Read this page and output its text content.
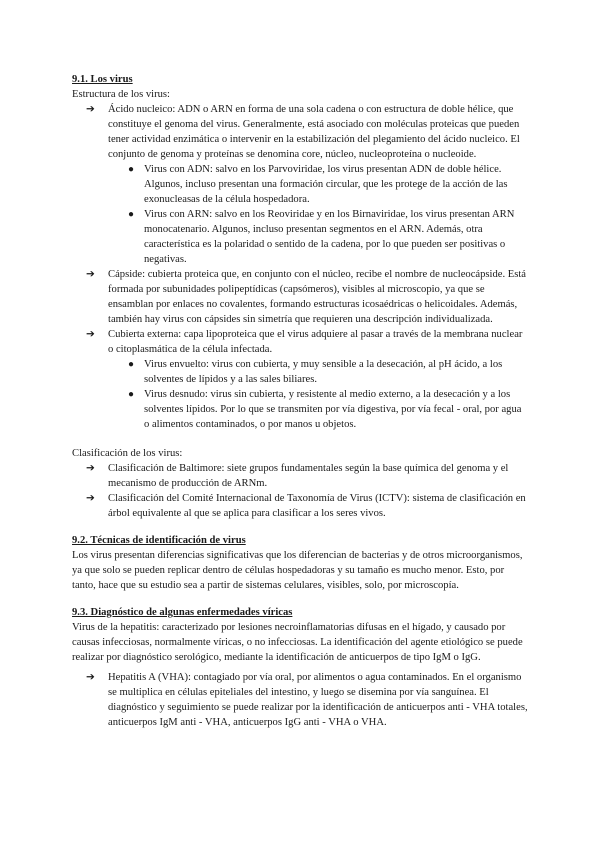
9.1. Los virus

Estructura de los virus:

➔ Ácido nucleico: ADN o ARN en forma de una sola cadena o con estructura de doble hélice, que constituye el genoma del virus. Generalmente, está asociado con moléculas proteicas que pueden tener actividad enzimática o intervenir en la estabilización del plegamiento del ácido nucleico. El conjunto de genoma y proteínas se denomina core, núcleo, nucleoproteína o nucleoide.

● Virus con ADN: salvo en los Parvoviridae, los virus presentan ADN de doble hélice. Algunos, incluso presentan una formación circular, que les protege de la acción de las exonucleasas de la célula hospedadora.

● Virus con ARN: salvo en los Reoviridae y en los Birnaviridae, los virus presentan ARN monocatenario. Algunos, incluso presentan segmentos en el ARN. Además, otra característica es la polaridad o sentido de la cadena, por lo que pueden ser positivas o negativas.

➔ Cápside: cubierta proteica que, en conjunto con el núcleo, recibe el nombre de nucleocápside. Está formada por subunidades polipeptídicas (capsómeros), visibles al microscopio, ya que se ensamblan por enlaces no covalentes, formando estructuras icosaédricas o helicoidales. Además, también hay virus con cápsides sin simetría que requieren una descripción individualizada.

➔ Cubierta externa: capa lipoproteica que el virus adquiere al pasar a través de la membrana nuclear o citoplasmática de la célula infectada.

● Virus envuelto: virus con cubierta, y muy sensible a la desecación, al pH ácido, a los solventes de lípidos y a las sales biliares.

● Virus desnudo: virus sin cubierta, y resistente al medio externo, a la desecación y a los solventes lípidos. Por lo que se transmiten por vía digestiva, por vía fecal - oral, por agua o alimentos contaminados, o por manos u objetos.

Clasificación de los virus:

➔ Clasificación de Baltimore: siete grupos fundamentales según la base química del genoma y el mecanismo de producción de ARNm.

➔ Clasificación del Comité Internacional de Taxonomía de Virus (ICTV): sistema de clasificación en árbol equivalente al que se aplica para clasificar a los seres vivos.

9.2. Técnicas de identificación de virus

Los virus presentan diferencias significativas que los diferencian de bacterias y de otros microorganismos, ya que solo se pueden replicar dentro de células hospedadoras y su tamaño es mucho menor. Esto, por tanto, hace que su estudio sea a partir de sistemas celulares, visibles, solo, por microscopía.

9.3. Diagnóstico de algunas enfermedades víricas

Virus de la hepatitis: caracterizado por lesiones necroinflamatorias difusas en el hígado, y causado por causas infecciosas, normalmente víricas, o no infecciosas. La identificación del agente etiológico se puede realizar por diagnóstico serológico, mediante la identificación de anticuerpos de tipo IgM o IgG.

➔ Hepatitis A (VHA): contagiado por vía oral, por alimentos o agua contaminados. En el organismo se multiplica en células epiteliales del intestino, y luego se disemina por vía sanguínea. El diagnóstico y seguimiento se puede realizar por la identificación de anticuerpos anti - VHA totales, anticuerpos IgM anti - VHA, anticuerpos IgG anti - VHA o VHA.
